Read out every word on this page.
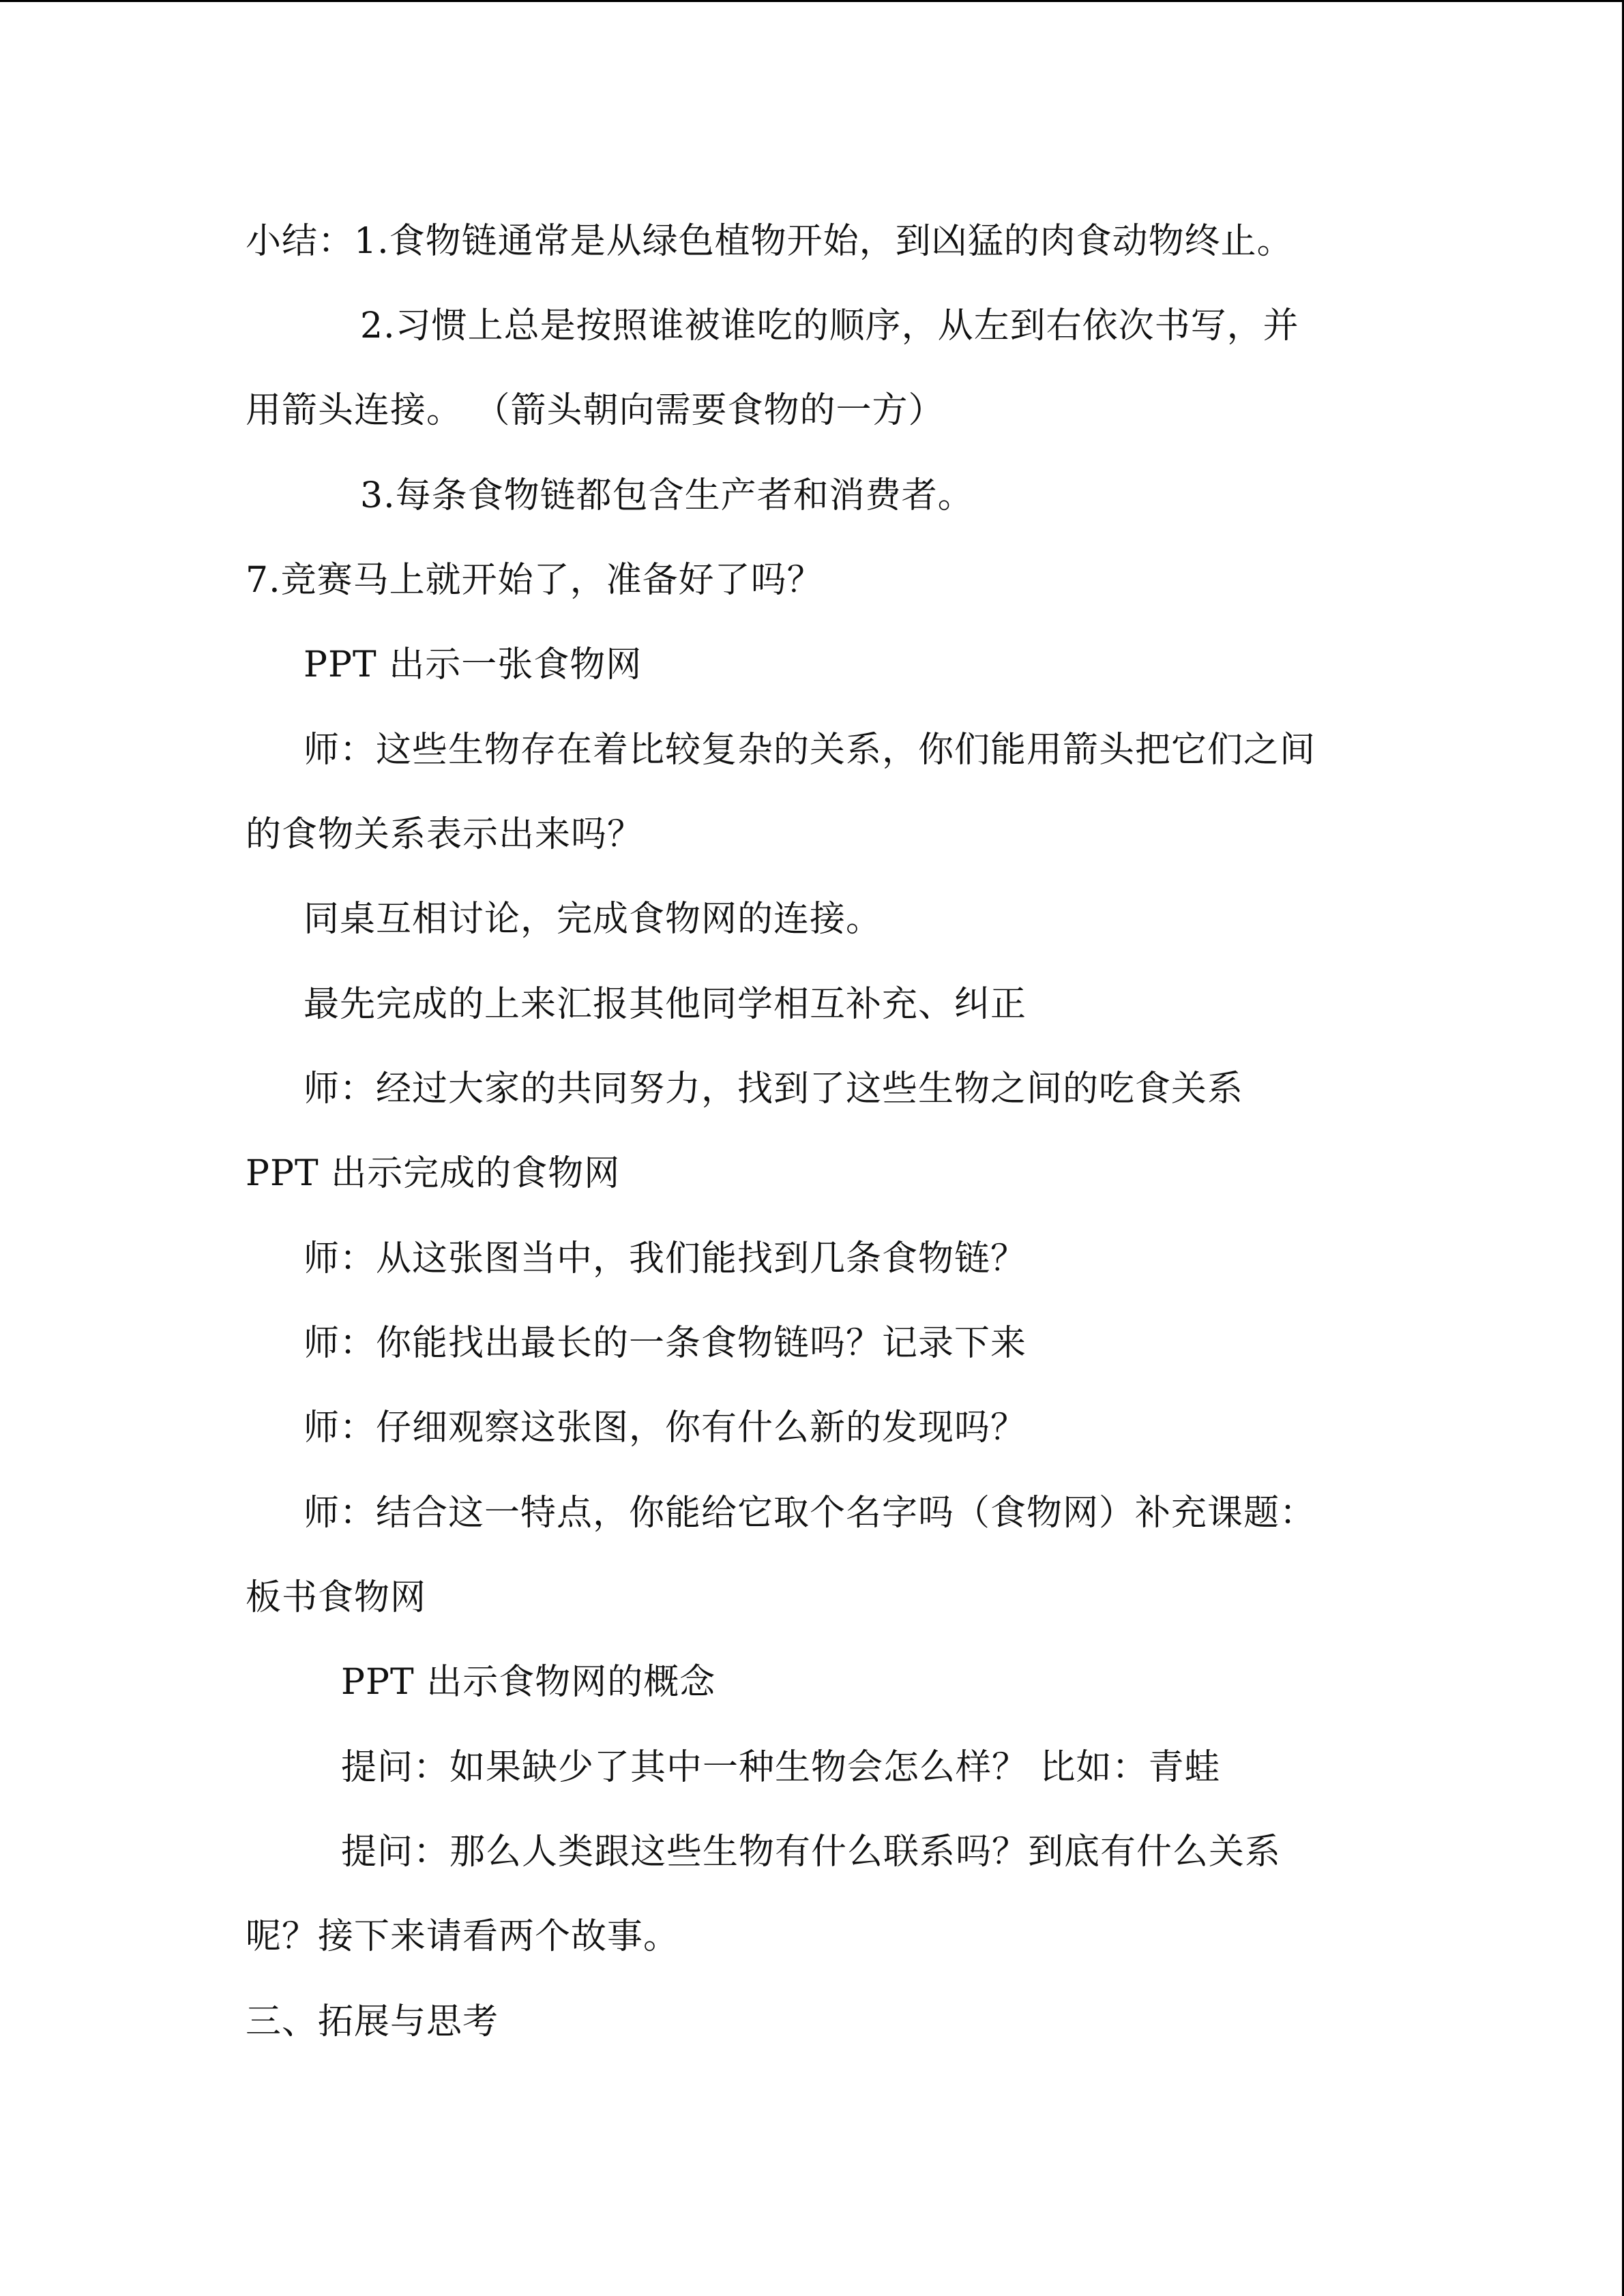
小结：1.食物链通常是从绿色植物开始，到凶猛的肉食动物终止。
2.习惯上总是按照谁被谁吃的顺序，从左到右依次书写，并
用箭头连接。 （箭头朝向需要食物的一方）
3.每条食物链都包含生产者和消费者。
7.竞赛马上就开始了，准备好了吗？
PPT 出示一张食物网
师：这些生物存在着比较复杂的关系，你们能用箭头把它们之间
的食物关系表示出来吗？
同桌互相讨论，完成食物网的连接。
最先完成的上来汇报其他同学相互补充、纠正
师：经过大家的共同努力，找到了这些生物之间的吃食关系
PPT 出示完成的食物网
师：从这张图当中，我们能找到几条食物链？
师：你能找出最长的一条食物链吗？记录下来
师：仔细观察这张图，你有什么新的发现吗？
师：结合这一特点，你能给它取个名字吗（食物网）补充课题：
板书食物网
PPT 出示食物网的概念
提问：如果缺少了其中一种生物会怎么样？ 比如：青蛙
提问：那么人类跟这些生物有什么联系吗？到底有什么关系
呢？接下来请看两个故事。
三、拓展与思考
